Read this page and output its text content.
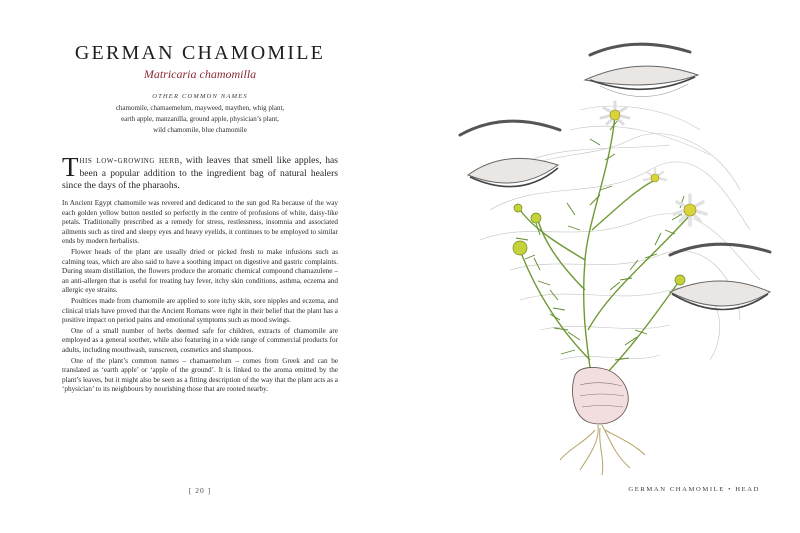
GERMAN CHAMOMILE
Matricaria chamomilla
OTHER COMMON NAMES
chamomile, chamaemelum, mayweed, maythen, whig plant,
earth apple, manzanilla, ground apple, physician’s plant,
wild chamomile, blue chamomile
This low-growing herb, with leaves that smell like apples, has been a popular addition to the ingredient bag of natural healers since the days of the pharaohs.

In Ancient Egypt chamomile was revered and dedicated to the sun god Ra because of the way each golden yellow button nestled so perfectly in the centre of profusions of white, daisy-like petals. Traditionally prescribed as a remedy for stress, restlessness, insomnia and associated ailments such as tired and sleepy eyes and heavy eyelids, it continues to be employed to similar ends by modern herbalists.

Flower heads of the plant are usually dried or picked fresh to make infusions such as calming teas, which are also said to have a soothing impact on digestive and gastric complaints. During steam distillation, the flowers produce the aromatic chemical compound chamazulene – an anti-allergen that is useful for treating hay fever, itchy skin conditions, asthma, eczema and allergic eye strains.

Poultices made from chamomile are applied to sore itchy skin, sore nipples and eczema, and clinical trials have proved that the Ancient Romans were right in their belief that the plant has a positive impact on period pains and emotional symptoms such as mood swings.

One of a small number of herbs deemed safe for children, extracts of chamomile are employed as a general soother, while also featuring in a wide range of commercial products for adults, including mouthwash, sunscreen, cosmetics and shampoos.

One of the plant’s common names – chamaemelum – comes from Greek and can be translated as ‘earth apple’ or ‘apple of the ground’. It is linked to the aroma emitted by the plant’s leaves, but it might also be seen as a fitting description of the way that the plant acts as a ‘physician’ to its neighbours by nourishing those that are rooted nearby.

[ 20 ]	GERMAN CHAMOMILE • HEAD
